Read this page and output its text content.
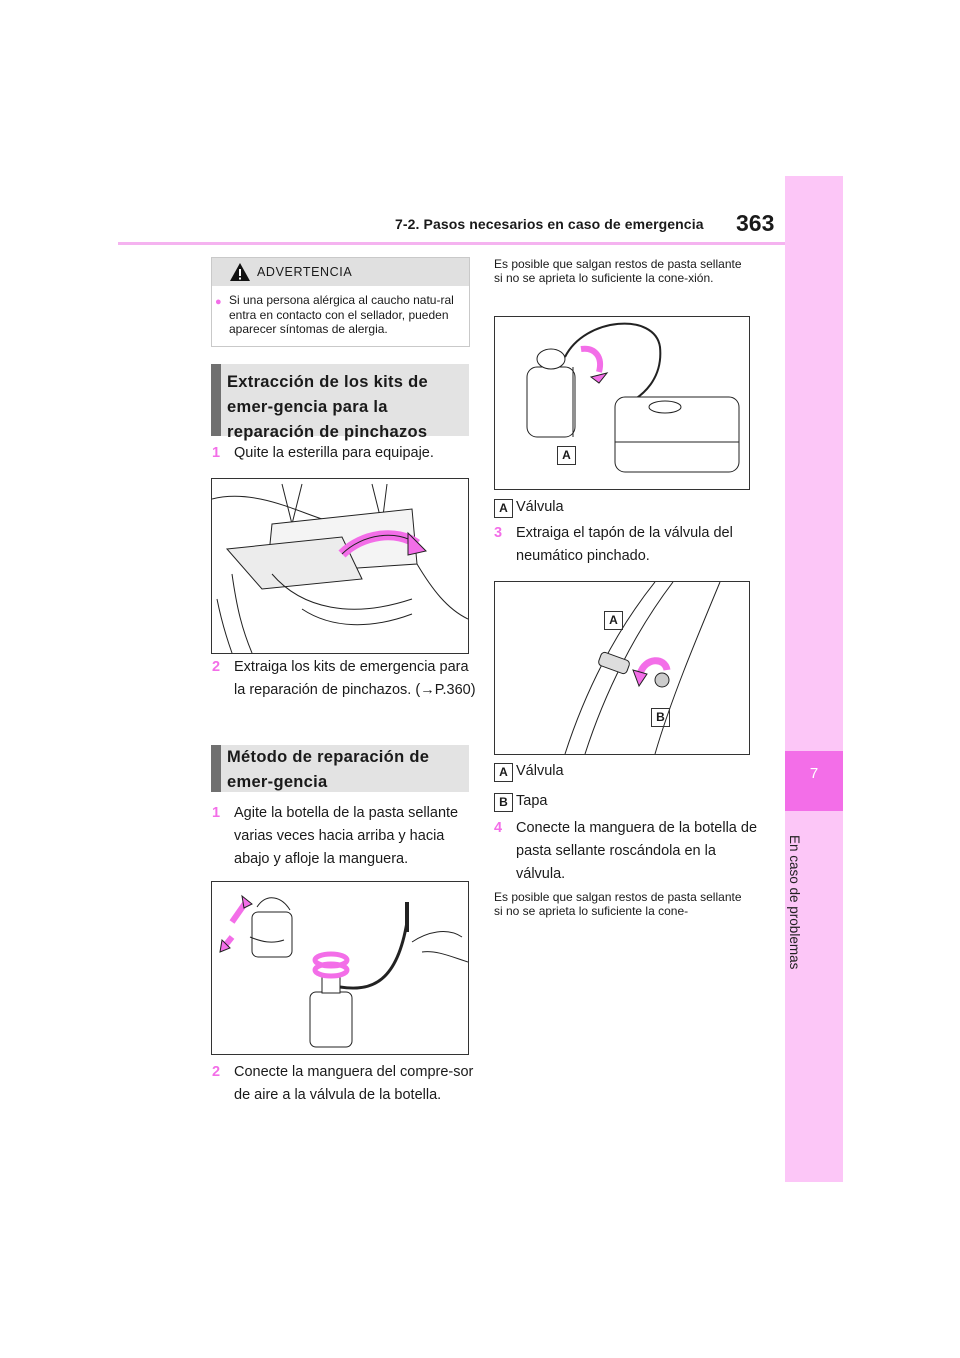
7-2. Pasos necesarios en caso de emergencia 363
7
En caso de problemas
ADVERTENCIA
● Si una persona alérgica al caucho natu-ral entra en contacto con el sellador, pueden aparecer síntomas de alergia.
Extracción de los kits de emer-gencia para la reparación de pinchazos
1 Quite la esterilla para equipaje.
2 Extraiga los kits de emergencia para la reparación de pinchazos. (→P.360)
Método de reparación de emer-gencia
1 Agite la botella de la pasta sellante varias veces hacia arriba y hacia abajo y afloje la manguera.
2 Conecte la manguera del compre-sor de aire a la válvula de la botella.
Es posible que salgan restos de pasta sellante si no se aprieta lo suficiente la cone-xión.
A
A Válvula
3 Extraiga el tapón de la válvula del neumático pinchado.
A
B
A Válvula
B Tapa
4 Conecte la manguera de la botella de pasta sellante roscándola en la válvula.
Es posible que salgan restos de pasta sellante si no se aprieta lo suficiente la cone-
